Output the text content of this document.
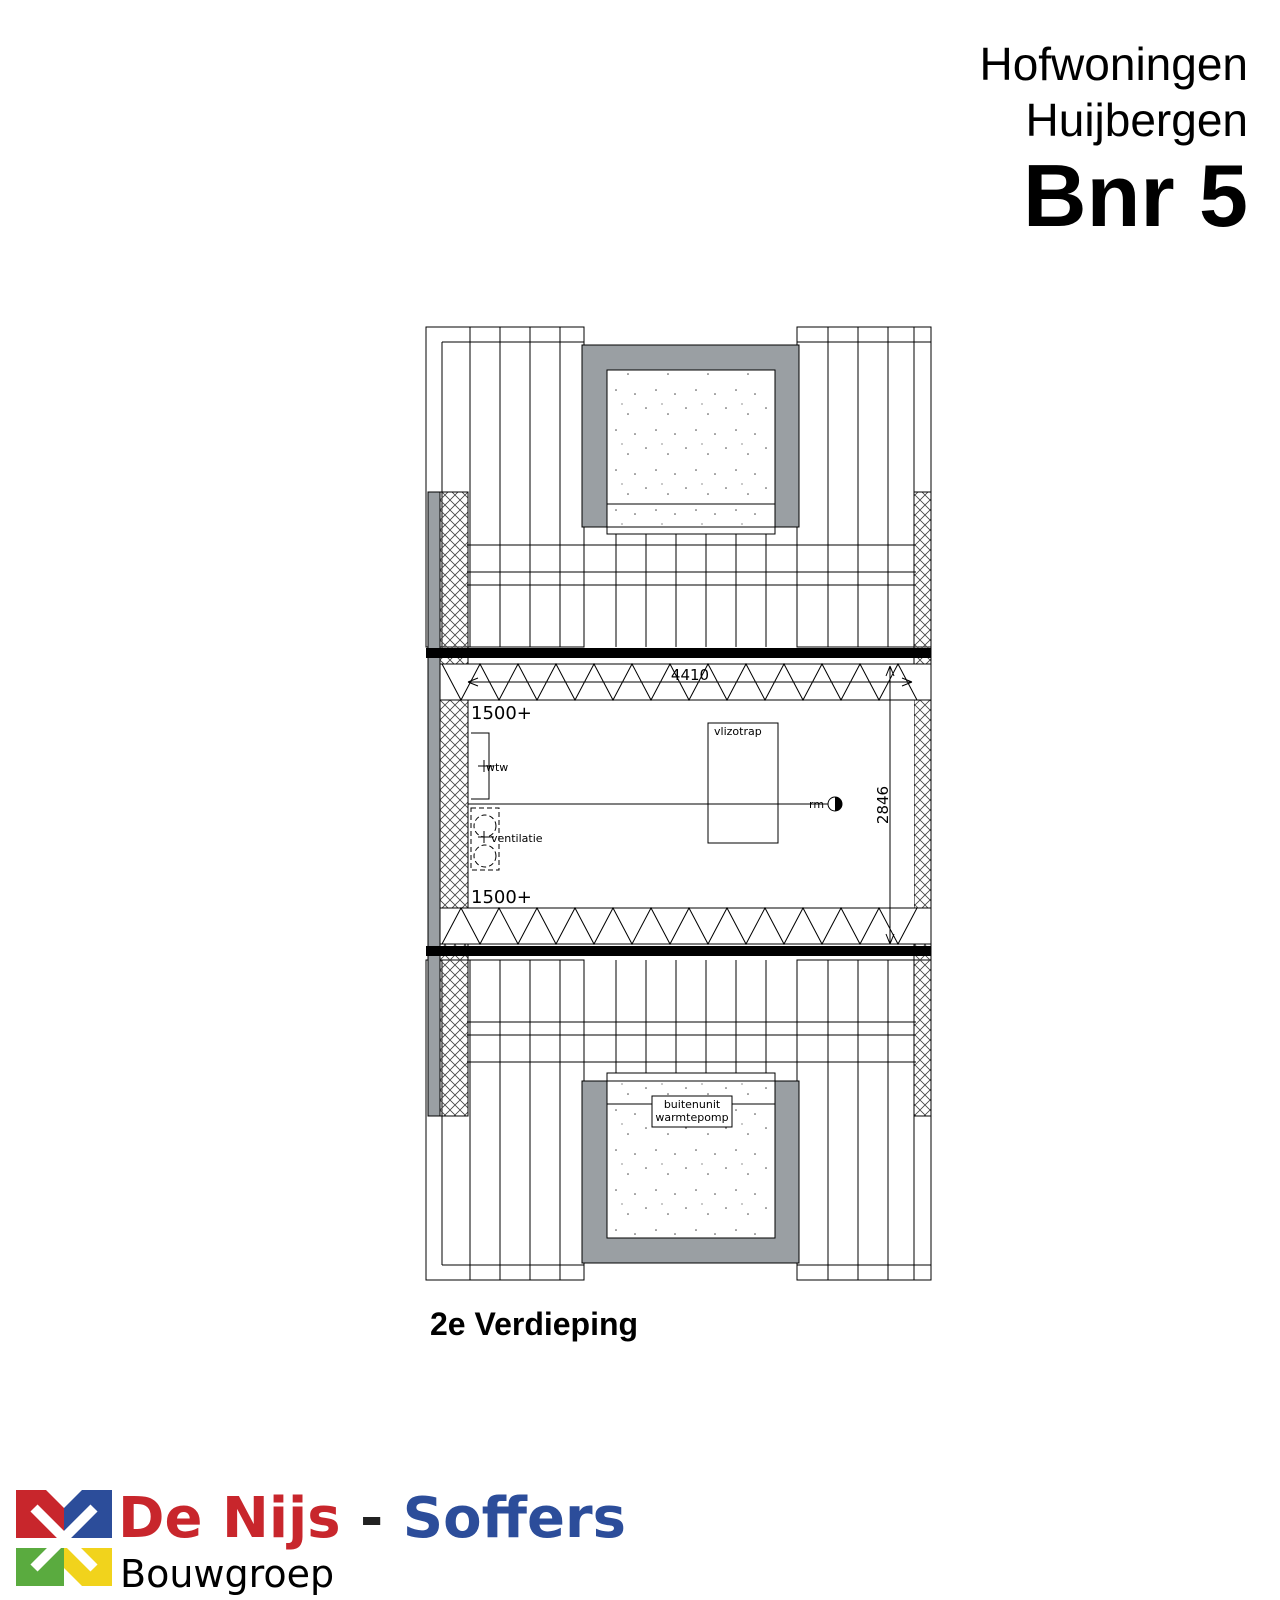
Hofwoningen
Huijbergen
Bnr 5
4410
2846
1500+
1500+
vlizotrap
wtw
ventilatie
rm
buitenunit
warmtepomp
2e Verdieping
De Nijs - Soffers
Bouwgroep
